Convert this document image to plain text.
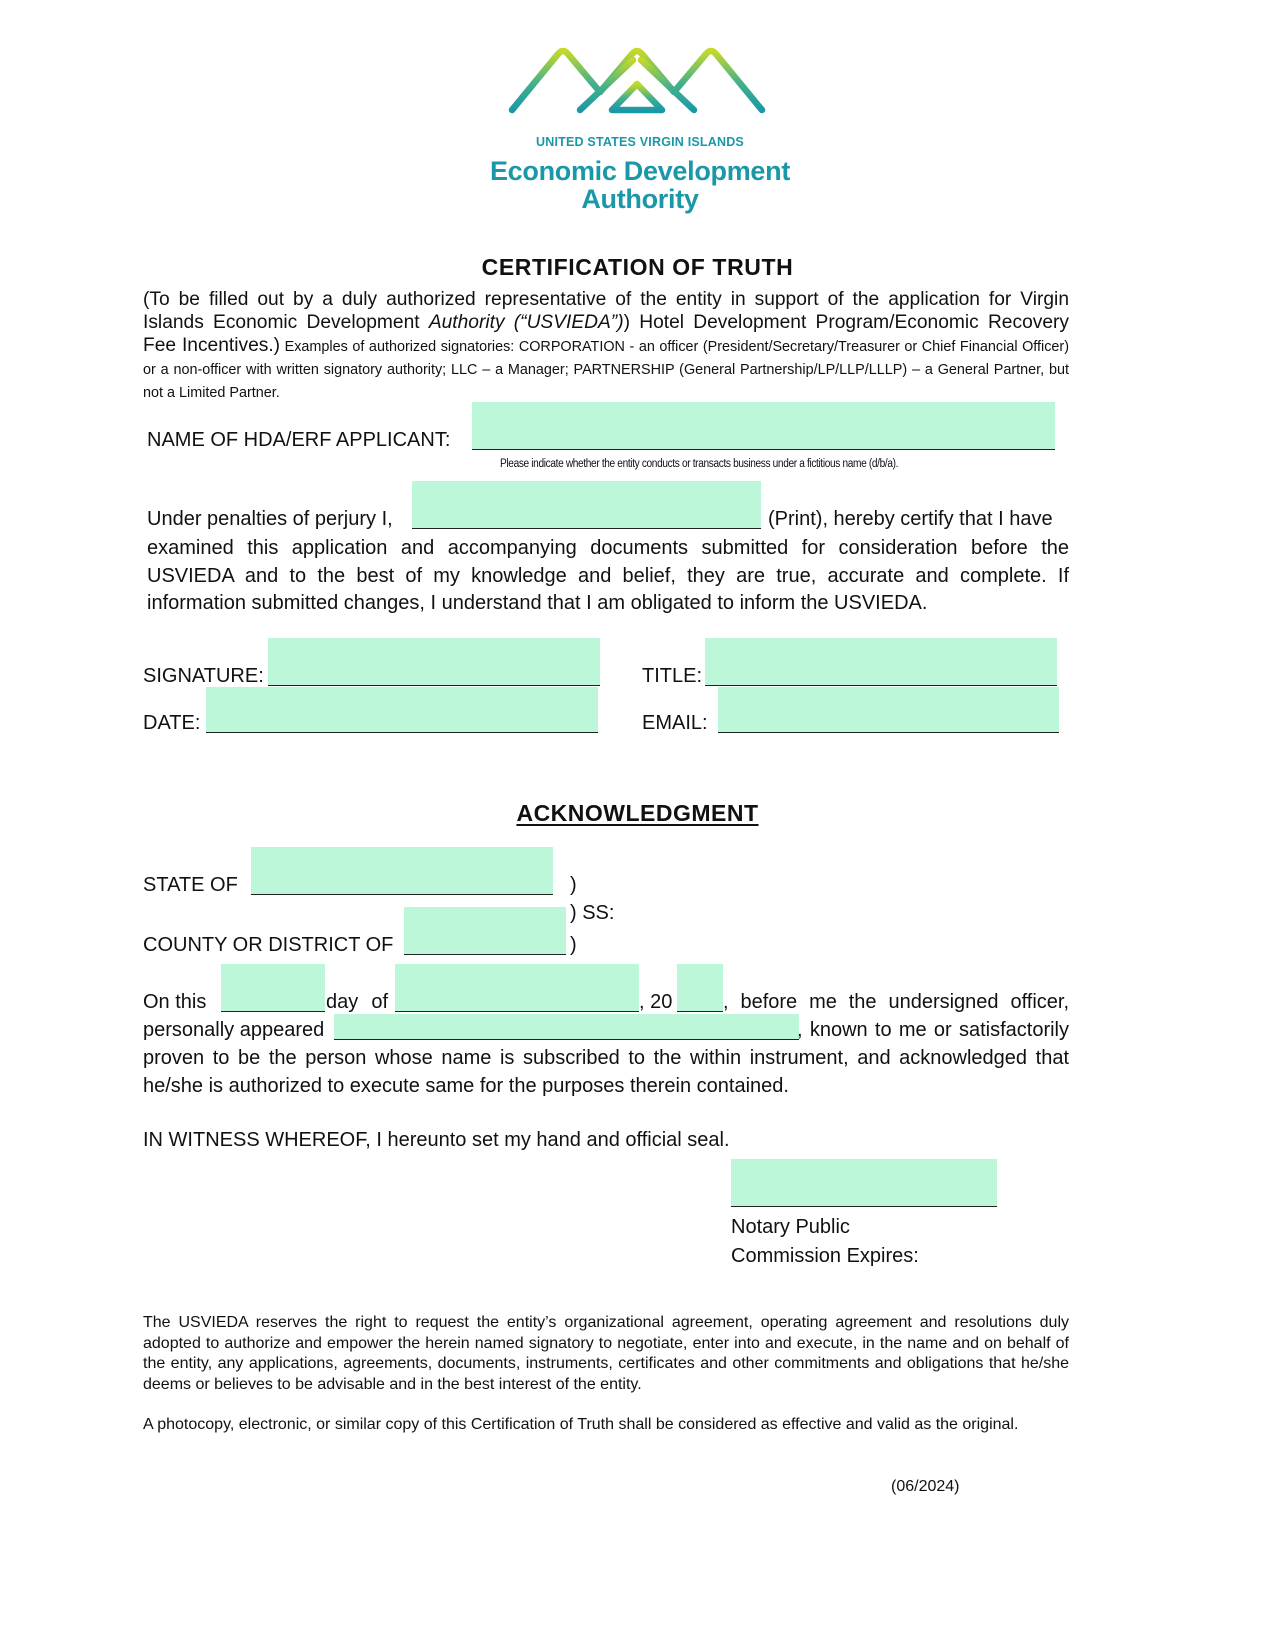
UNITED STATES VIRGIN ISLANDS
Economic Development
Authority
CERTIFICATION OF TRUTH
(To be filled out by a duly authorized representative of the entity in support of the application for Virgin Islands Economic Development Authority (“USVIEDA”)) Hotel Development Program/Economic Recovery Fee Incentives.) Examples of authorized signatories: CORPORATION - an officer (President/Secretary/Treasurer or Chief Financial Officer) or a non-officer with written signatory authority; LLC – a Manager; PARTNERSHIP (General Partnership/LP/LLP/LLLP) – a General Partner, but not a Limited Partner.
NAME OF HDA/ERF APPLICANT:
Please indicate whether the entity conducts or transacts business under a fictitious name (d/b/a).
Under penalties of perjury I,	(Print), hereby certify that I have
examined this application and accompanying documents submitted for consideration before the USVIEDA and to the best of my knowledge and belief, they are true, accurate and complete. If information submitted changes, I understand that I am obligated to inform the USVIEDA.
SIGNATURE:	TITLE:
DATE:	EMAIL:
ACKNOWLEDGMENT
STATE OF	)
) SS:
COUNTY OR DISTRICT OF	)
On this	day of	, 20	, before me the undersigned officer,
personally appeared	, known to me or satisfactorily
proven to be the person whose name is subscribed to the within instrument, and acknowledged that he/she is authorized to execute same for the purposes therein contained.
IN WITNESS WHEREOF, I hereunto set my hand and official seal.
Notary Public
Commission Expires:
The USVIEDA reserves the right to request the entity’s organizational agreement, operating agreement and resolutions duly adopted to authorize and empower the herein named signatory to negotiate, enter into and execute, in the name and on behalf of the entity, any applications, agreements, documents, instruments, certificates and other commitments and obligations that he/she deems or believes to be advisable and in the best interest of the entity.
A photocopy, electronic, or similar copy of this Certification of Truth shall be considered as effective and valid as the original.
(06/2024)
